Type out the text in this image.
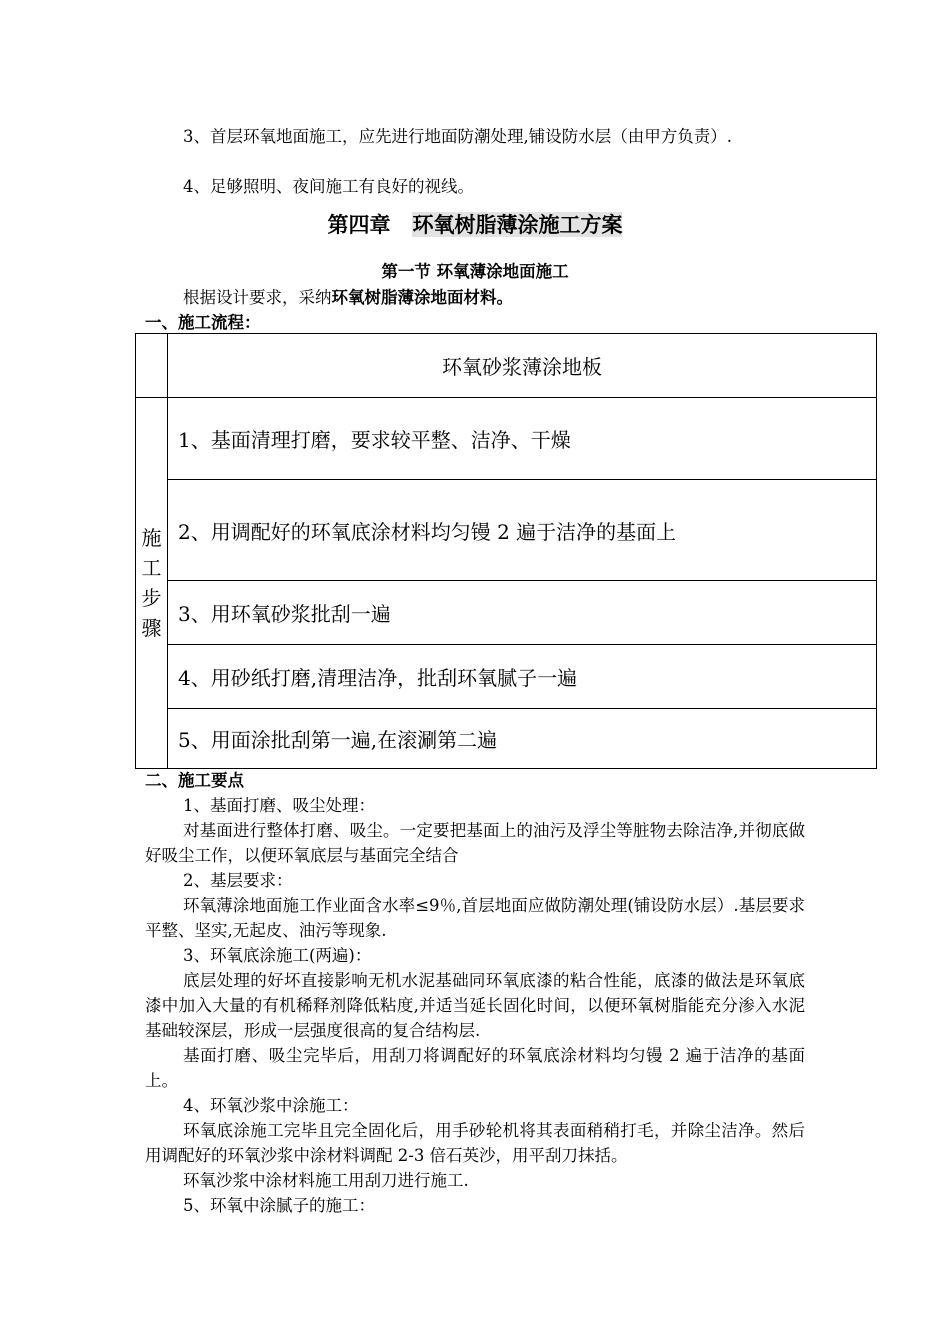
3、首层环氧地面施工，应先进行地面防潮处理,铺设防水层（由甲方负责）.

4、足够照明、夜间施工有良好的视线。

第四章 环氧树脂薄涂施工方案
第一节 环氧薄涂地面施工

根据设计要求，采纳环氧树脂薄涂地面材料。

一、施工流程：

	环氧砂浆薄涂地板
施工步骤	1、基面清理打磨，要求较平整、洁净、干燥
	2、用调配好的环氧底涂材料均匀镘 2 遍于洁净的基面上
	3、用环氧砂浆批刮一遍
	4、用砂纸打磨,清理洁净，批刮环氧腻子一遍
	5、用面涂批刮第一遍,在滚涮第二遍

二、施工要点

1、基面打磨、吸尘处理：

对基面进行整体打磨、吸尘。一定要把基面上的油污及浮尘等脏物去除洁净,并彻底做好吸尘工作，以便环氧底层与基面完全结合

2、基层要求：

环氧薄涂地面施工作业面含水率≤9％,首层地面应做防潮处理(铺设防水层）.基层要求平整、坚实,无起皮、油污等现象.

3、环氧底涂施工(两遍)：

底层处理的好坏直接影响无机水泥基础同环氧底漆的粘合性能，底漆的做法是环氧底漆中加入大量的有机稀释剂降低粘度,并适当延长固化时间，以便环氧树脂能充分渗入水泥基础较深层，形成一层强度很高的复合结构层.

基面打磨、吸尘完毕后，用刮刀将调配好的环氧底涂材料均匀镘 2 遍于洁净的基面上。

4、环氧沙浆中涂施工：

环氧底涂施工完毕且完全固化后，用手砂轮机将其表面稍稍打毛，并除尘洁净。然后用调配好的环氧沙浆中涂材料调配 2-3 倍石英沙，用平刮刀抹括。

环氧沙浆中涂材料施工用刮刀进行施工.

5、环氧中涂腻子的施工：
